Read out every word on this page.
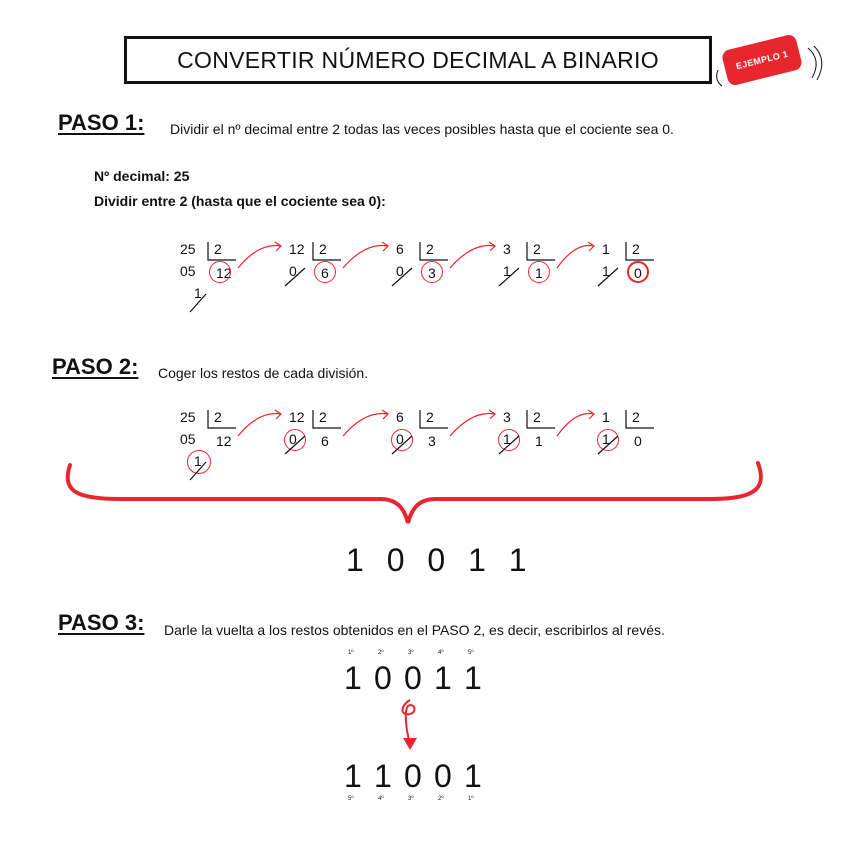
CONVERTIR NÚMERO DECIMAL A BINARIO	EJEMPLO 1
PASO 1: Dividir el nº decimal entre 2 todas las veces posibles hasta que el cociente sea 0.
Nº decimal: 25
Dividir entre 2 (hasta que el cociente sea 0):
PASO 2: Coger los restos de cada división.
1 0 0 1 1
PASO 3: Darle la vuelta a los restos obtenidos en el PASO 2, es decir, escribirlos al revés.
25 2
12
05
1
12 2
6
0
6 2
3
0
3 2
1
1
1 2
0
1
25 2
12
05
1
12 2
6
0
6 2
3
0
3 2
1
1
1 2
0
1
1
1º
0
2º
0
3º
1
4º
1
5º
1
5º
1
4º
0
3º
0
2º
1
1º
